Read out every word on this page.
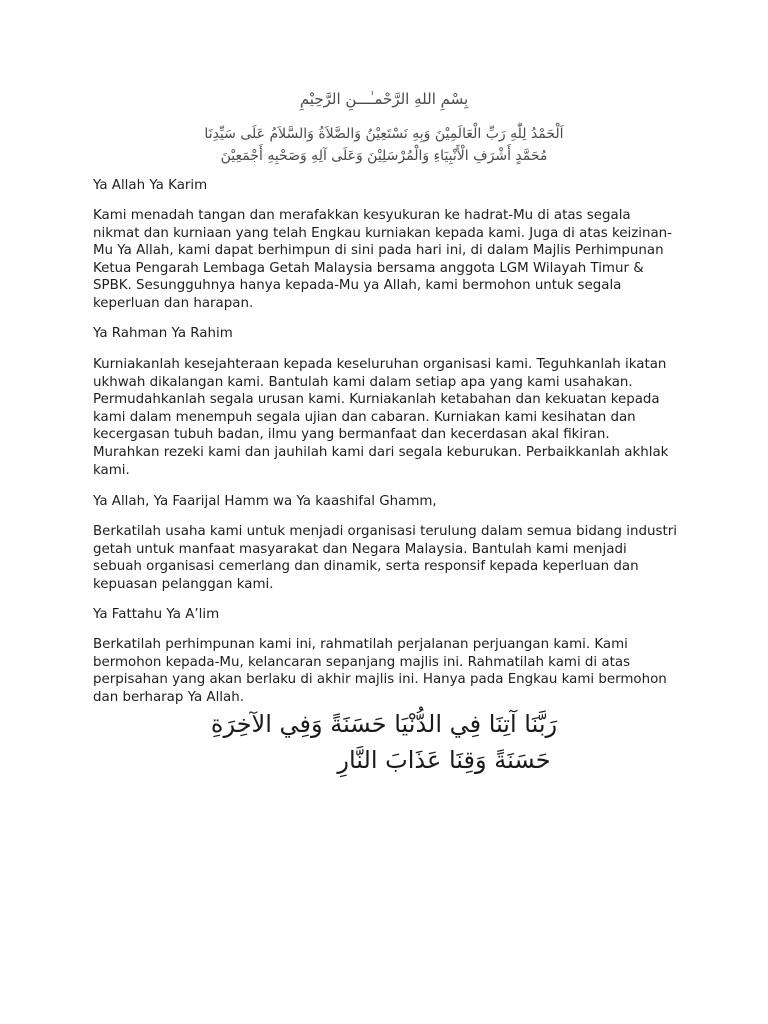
بِسْمِ اللهِ الرَّحْمـٰـــنِ الرَّحِيْمِ
اَلْحَمْدُ لِلّٰهِ رَبِّ الْعَالَمِيْنَ وَبِهِ نَسْتَعِيْنُ وَالصَّلاَةُ وَالسَّلاَمُ عَلَى سَيِّدِنَا
مُحَمَّدٍ أَشْرَفِ الْأَنْبِيَاءِ وَالْمُرْسَلِيْنَ وَعَلَى آلِهِ وَصَحْبِهِ أَجْمَعِيْنَ

Ya Allah Ya Karim

Kami menadah tangan dan merafakkan kesyukuran ke hadrat-Mu di atas segala nikmat dan kurniaan yang telah Engkau kurniakan kepada kami. Juga di atas keizinan-Mu Ya Allah, kami dapat berhimpun di sini pada hari ini, di dalam Majlis Perhimpunan Ketua Pengarah Lembaga Getah Malaysia bersama anggota LGM Wilayah Timur & SPBK. Sesungguhnya hanya kepada-Mu ya Allah, kami bermohon untuk segala keperluan dan harapan.

Ya Rahman Ya Rahim

Kurniakanlah kesejahteraan kepada keseluruhan organisasi kami. Teguhkanlah ikatan ukhwah dikalangan kami. Bantulah kami dalam setiap apa yang kami usahakan. Permudahkanlah segala urusan kami. Kurniakanlah ketabahan dan kekuatan kepada kami dalam menempuh segala ujian dan cabaran. Kurniakan kami kesihatan dan kecergasan tubuh badan, ilmu yang bermanfaat dan kecerdasan akal fikiran. Murahkan rezeki kami dan jauhilah kami dari segala keburukan. Perbaikkanlah akhlak kami.

Ya Allah, Ya Faarijal Hamm wa Ya kaashifal Ghamm,

Berkatilah usaha kami untuk menjadi organisasi terulung dalam semua bidang industri getah untuk manfaat masyarakat dan Negara Malaysia. Bantulah kami menjadi sebuah organisasi cemerlang dan dinamik, serta responsif kepada keperluan dan kepuasan pelanggan kami.

Ya Fattahu Ya A’lim

Berkatilah perhimpunan kami ini, rahmatilah perjalanan perjuangan kami. Kami bermohon kepada-Mu, kelancaran sepanjang majlis ini. Rahmatilah kami di atas perpisahan yang akan berlaku di akhir majlis ini. Hanya pada Engkau kami bermohon dan berharap Ya Allah.

رَبَّنَا آتِنَا فِي الدُّنْيَا حَسَنَةً وَفِي الآخِرَةِ
حَسَنَةً وَقِنَا عَذَابَ النَّارِ
